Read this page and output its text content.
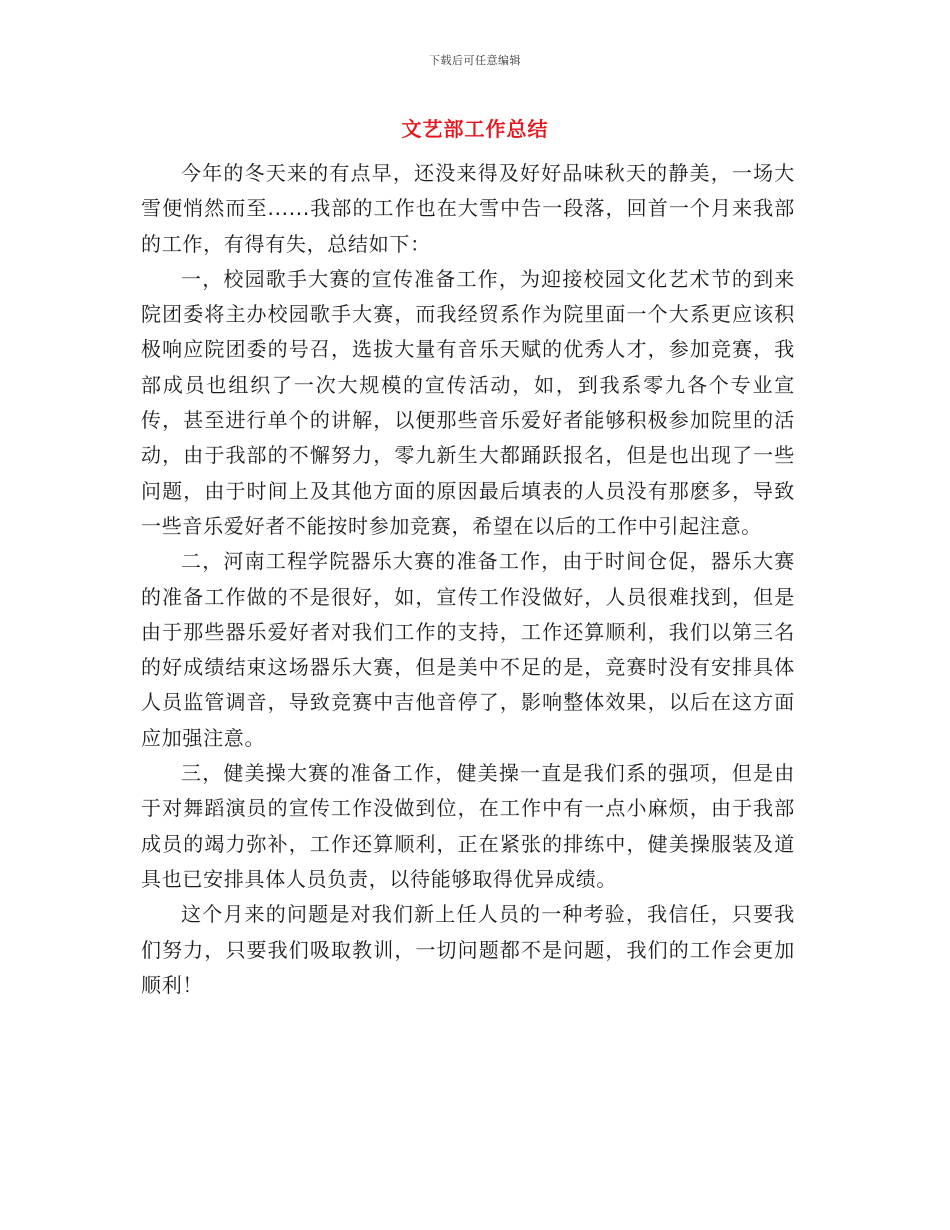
下载后可任意编辑
文艺部工作总结

今年的冬天来的有点早，还没来得及好好品味秋天的静美，一场大雪便悄然而至......我部的工作也在大雪中告一段落，回首一个月来我部的工作，有得有失，总结如下：

一，校园歌手大赛的宣传准备工作，为迎接校园文化艺术节的到来院团委将主办校园歌手大赛，而我经贸系作为院里面一个大系更应该积极响应院团委的号召，选拔大量有音乐天赋的优秀人才，参加竞赛，我部成员也组织了一次大规模的宣传活动，如，到我系零九各个专业宣传，甚至进行单个的讲解，以便那些音乐爱好者能够积极参加院里的活动，由于我部的不懈努力，零九新生大都踊跃报名，但是也出现了一些问题，由于时间上及其他方面的原因最后填表的人员没有那麽多，导致一些音乐爱好者不能按时参加竞赛，希望在以后的工作中引起注意。

二，河南工程学院器乐大赛的准备工作，由于时间仓促，器乐大赛的准备工作做的不是很好，如，宣传工作没做好，人员很难找到，但是由于那些器乐爱好者对我们工作的支持，工作还算顺利，我们以第三名的好成绩结束这场器乐大赛，但是美中不足的是，竞赛时没有安排具体人员监管调音，导致竞赛中吉他音停了，影响整体效果，以后在这方面应加强注意。

三，健美操大赛的准备工作，健美操一直是我们系的强项，但是由于对舞蹈演员的宣传工作没做到位，在工作中有一点小麻烦，由于我部成员的竭力弥补，工作还算顺利，正在紧张的排练中，健美操服装及道具也已安排具体人员负责，以待能够取得优异成绩。

这个月来的问题是对我们新上任人员的一种考验，我信任，只要我们努力，只要我们吸取教训，一切问题都不是问题，我们的工作会更加顺利！
